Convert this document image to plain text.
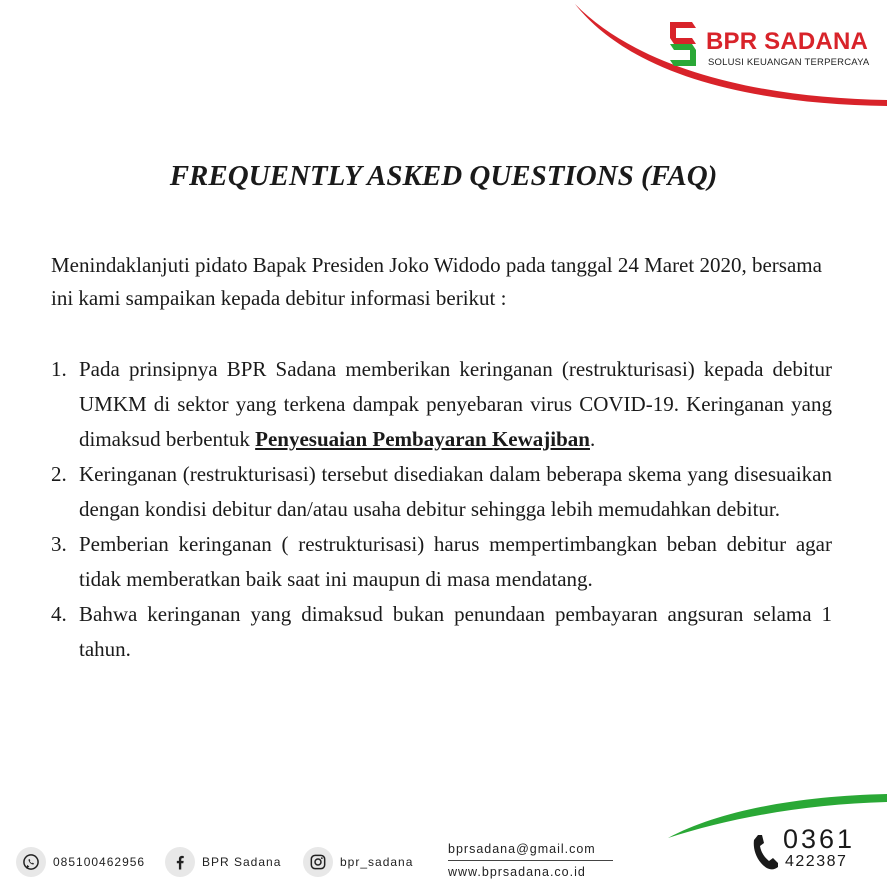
BPR SADANA
SOLUSI KEUANGAN TERPERCAYA
FREQUENTLY ASKED QUESTIONS (FAQ)

Menindaklanjuti pidato Bapak Presiden Joko Widodo pada tanggal 24 Maret 2020, bersama ini kami sampaikan kepada debitur informasi berikut :

1. Pada prinsipnya BPR Sadana memberikan keringanan (restrukturisasi) kepada debitur UMKM di sektor yang terkena dampak penyebaran virus COVID-19. Keringanan yang dimaksud berbentuk Penyesuaian Pembayaran Kewajiban.
2. Keringanan (restrukturisasi) tersebut disediakan dalam beberapa skema yang disesuaikan dengan kondisi debitur dan/atau usaha debitur sehingga lebih memudahkan debitur.
3. Pemberian keringanan ( restrukturisasi) harus mempertimbangkan beban debitur agar tidak memberatkan baik saat ini maupun di masa mendatang.
4. Bahwa keringanan yang dimaksud bukan penundaan pembayaran angsuran selama 1 tahun.
085100462956	BPR Sadana	bpr_sadana
bprsadana@gmail.com
www.bprsadana.co.id
0361
422387
